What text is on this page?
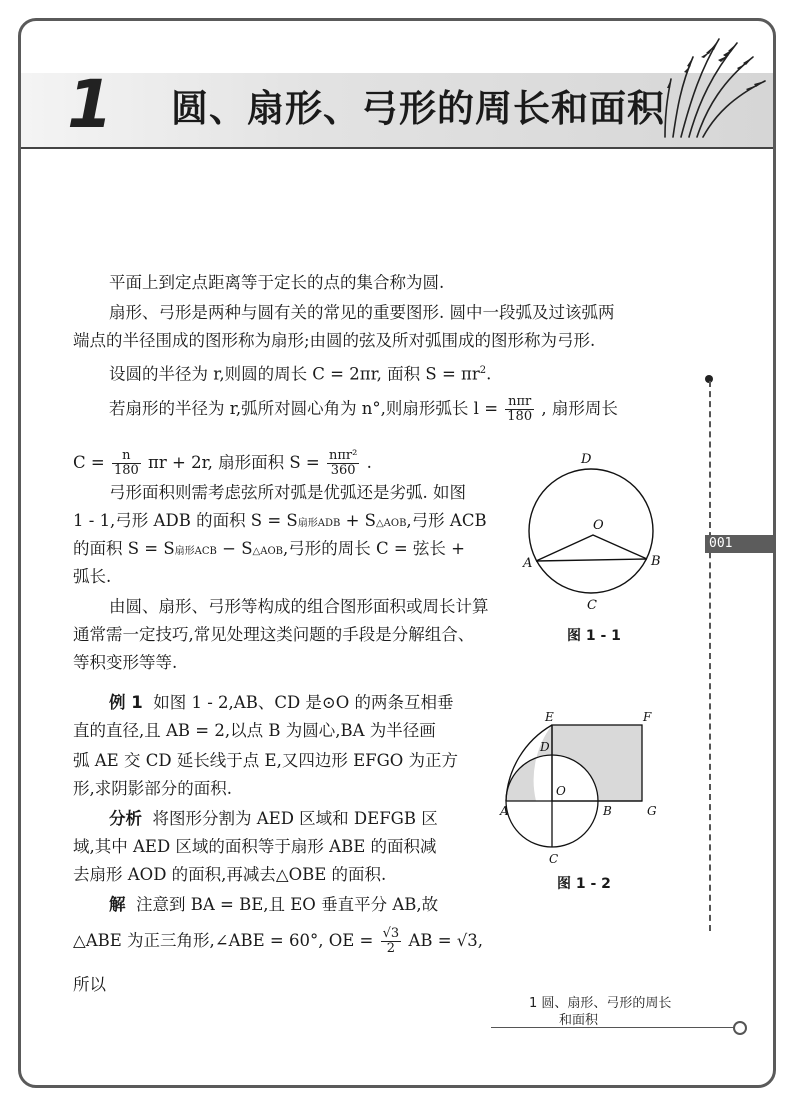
1 圆、扇形、弓形的周长和面积
平面上到定点距离等于定长的点的集合称为圆.
扇形、弓形是两种与圆有关的常见的重要图形. 圆中一段弧及过该弧两
端点的半径围成的图形称为扇形;由圆的弦及所对弧围成的图形称为弓形.
设圆的半径为 r,则圆的周长 C = 2πr, 面积 $S = \pi r^2$.
若扇形的半径为 r,弧所对圆心角为 n°,则扇形弧长 $l = \frac{\text{nπr}}{180}$ , 扇形周长
$C = \frac{n}{180}$ πr + 2r, 扇形面积 $S = \frac{\text{nπr²}}{360}$ .
弓形面积则需考虑弦所对弧是优弧还是劣弧. 如图
1 - 1,弓形 ADB 的面积 S = S扇形ADB + S△AOB,弓形 ACB
的面积 S = S扇形ACB − S△AOB,弓形的周长 C = 弦长 +
弧长.
由圆、扇形、弓形等构成的组合图形面积或周长计算
通常需一定技巧,常见处理这类问题的手段是分解组合、
等积变形等等.
例 1 如图 1 - 2,AB、CD 是⊙O 的两条互相垂
直的直径,且 AB = 2,以点 B 为圆心,BA 为半径画
弧 AE 交 CD 延长线于点 E,又四边形 EFGO 为正方
形,求阴影部分的面积.
分析 将图形分割为 AED 区域和 DEFGB 区
域,其中 AED 区域的面积等于扇形 ABE 的面积减
去扇形 AOD 的面积,再减去△OBE 的面积.
解 注意到 BA = BE,且 EO 垂直平分 AB,故
△ABE 为正三角形,∠ABE = 60°, OE = $\frac{√3}{2}$ AB = √3,
所以
D
O
A	B
C
图 1 - 1
E	F
D
O
A	B	G
C
图 1 - 2
001
1 圆、扇形、弓形的周长
和面积
